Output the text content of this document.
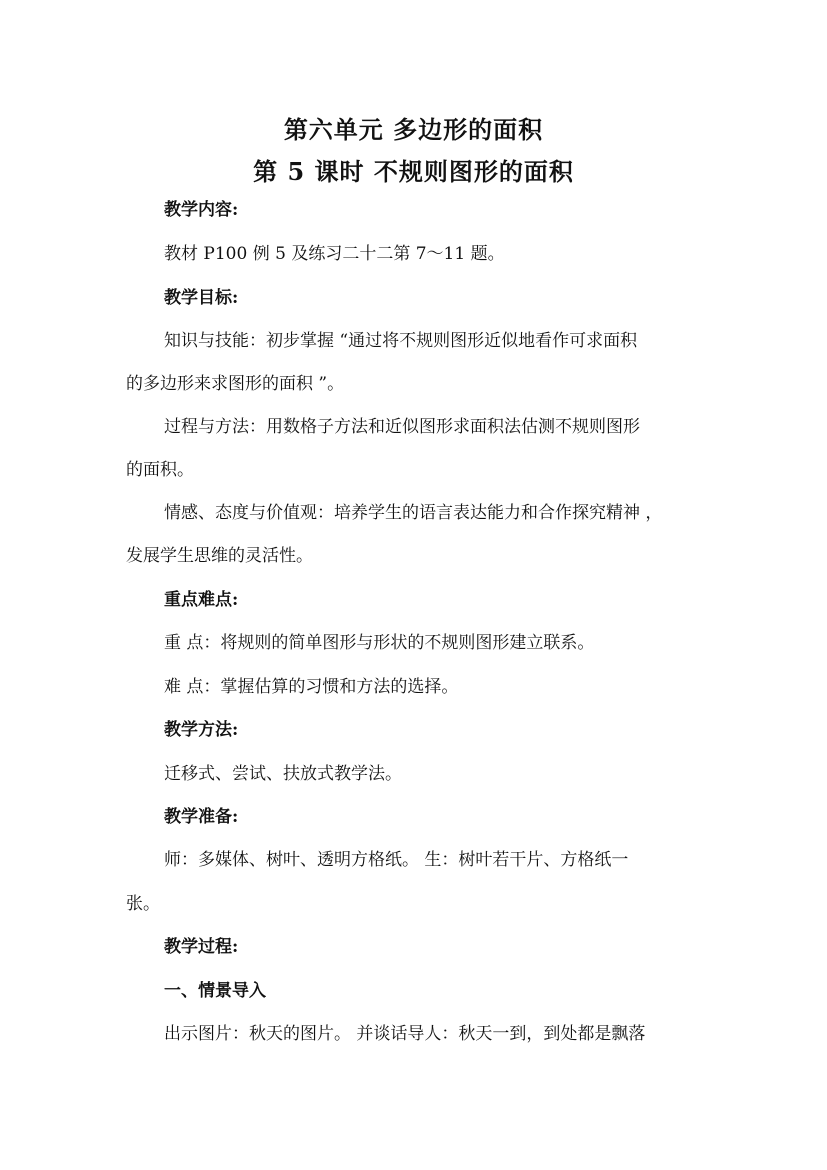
第六单元 多边形的面积
第 5 课时 不规则图形的面积
教学内容:
教材 P100 例 5 及练习二十二第 7～11 题。
教学目标:
知识与技能：初步掌握 “通过将不规则图形近似地看作可求面积
的多边形来求图形的面积 ”。
过程与方法：用数格子方法和近似图形求面积法估测不规则图形
的面积。
情感、态度与价值观：培养学生的语言表达能力和合作探究精神 ，
发展学生思维的灵活性。
重点难点:
重 点：将规则的简单图形与形状的不规则图形建立联系。
难 点：掌握估算的习惯和方法的选择。
教学方法:
迁移式、尝试、扶放式教学法。
教学准备:
师：多媒体、树叶、透明方格纸。 生：树叶若干片、方格纸一
张。
教学过程:
一、情景导入
出示图片：秋天的图片。 并谈话导人：秋天一到，到处都是飘落
